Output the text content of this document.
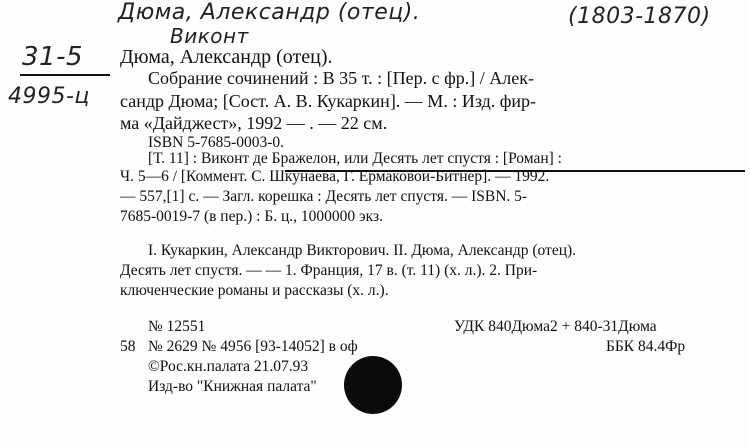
Дюма, Александр (отец).	(1803-1870)
Виконт
31-5
4995-ц
Дюма, Александр (отец).
Собрание сочинений : В 35 т. : [Пер. с фр.] / Алек-
сандр Дюма; [Сост. А. В. Кукаркин]. — М. : Изд. фир-
ма «Дайджест», 1992 — . — 22 см.
ISBN 5-7685-0003-0.
[Т. 11] : Виконт де Бражелон, или Десять лет спустя : [Роман] :
Ч. 5—6 / [Коммент. С. Шкунаева, Г. Ермаковой-Битнер]. — 1992.
— 557,[1] с. — Загл. корешка : Десять лет спустя. — ISBN. 5-
7685-0019-7 (в пер.) : Б. ц., 1000000 экз.
I. Кукаркин, Александр Викторович. II. Дюма, Александр (отец).
Десять лет спустя. — — 1. Франция, 17 в. (т. 11) (х. л.). 2. При-
ключенческие романы и рассказы (х. л.).
№ 12551
58 № 2629 № 4956 [93-14052] в оф
УДК 840Дюма2 + 840-31Дюма
ББК 84.4Фр
©Рос.кн.палата 21.07.93
Изд-во "Книжная палата"
